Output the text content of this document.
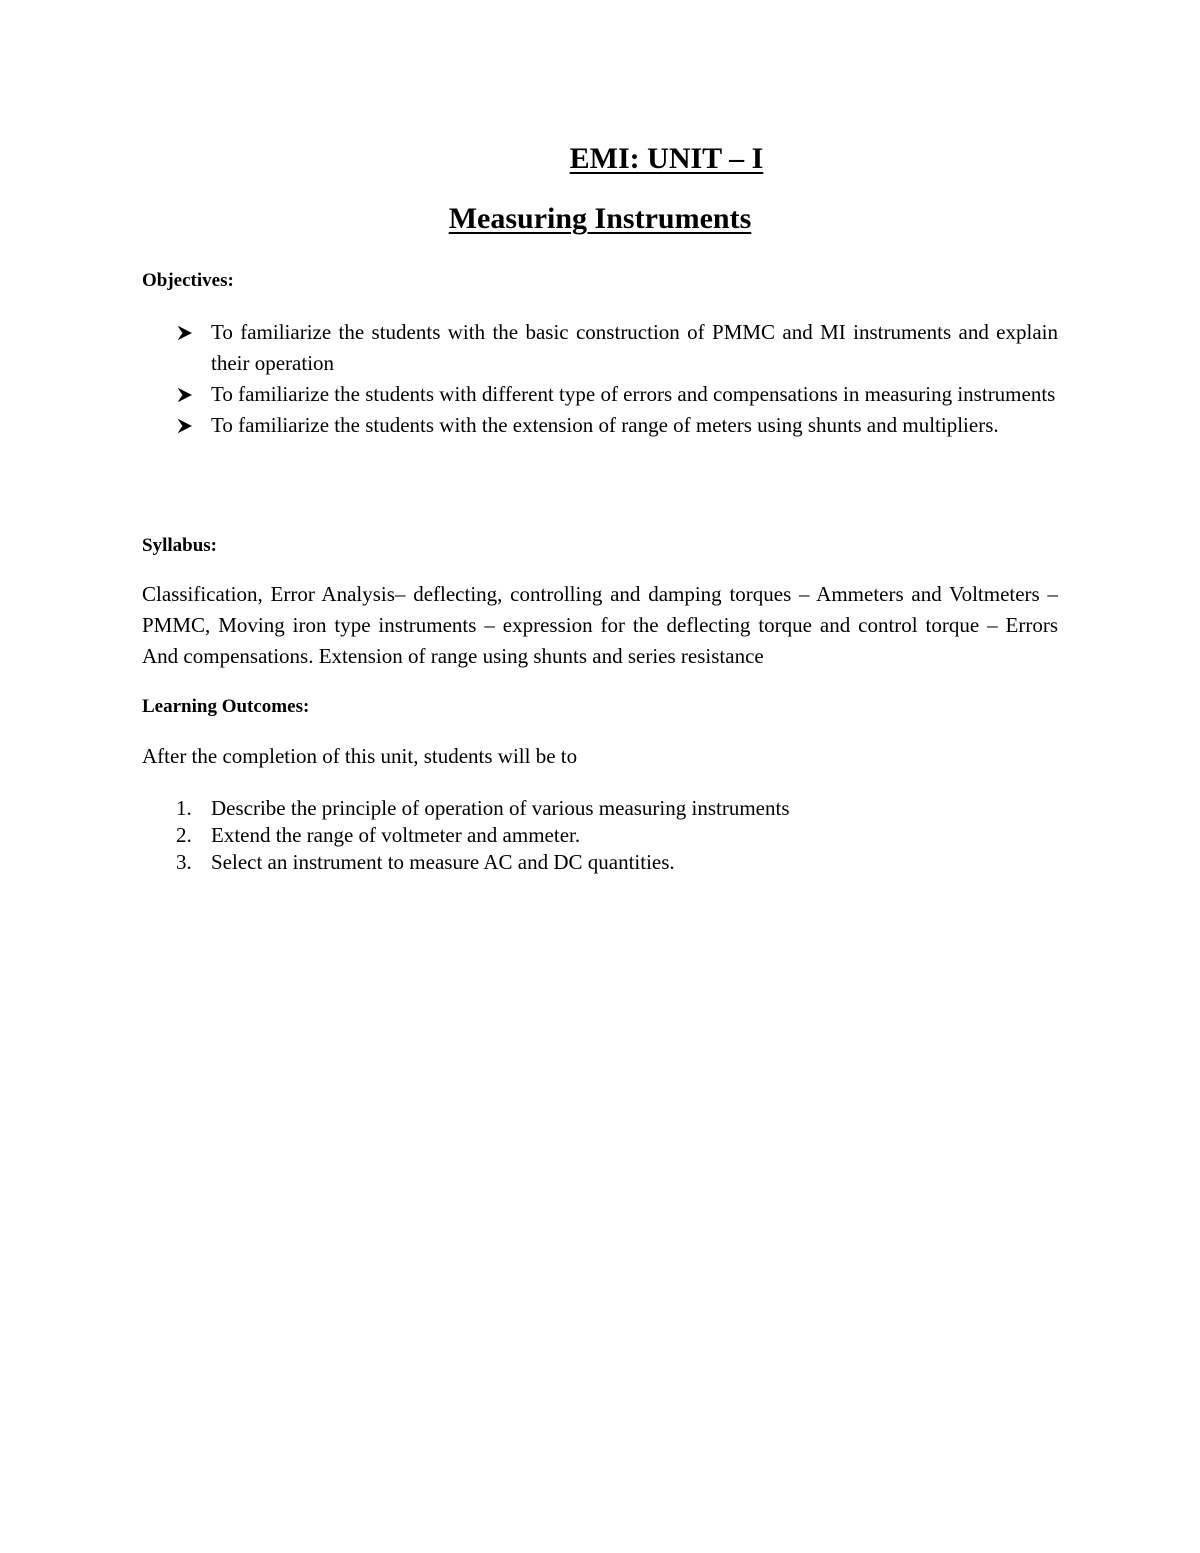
EMI: UNIT – I
Measuring Instruments
Objectives:
To familiarize the students with the basic construction of PMMC and MI instruments and explain their operation
To familiarize the students with different type of errors and compensations in measuring instruments
To familiarize the students with the extension of range of meters using shunts and multipliers.
Syllabus:
Classification, Error Analysis– deflecting, controlling and damping torques – Ammeters and Voltmeters – PMMC, Moving iron type instruments – expression for the deflecting torque and control torque – Errors And compensations. Extension of range using shunts and series resistance
Learning Outcomes:
After the completion of this unit, students will be to
1. Describe the principle of operation of various measuring instruments
2. Extend the range of voltmeter and ammeter.
3. Select an instrument to measure AC and DC quantities.
